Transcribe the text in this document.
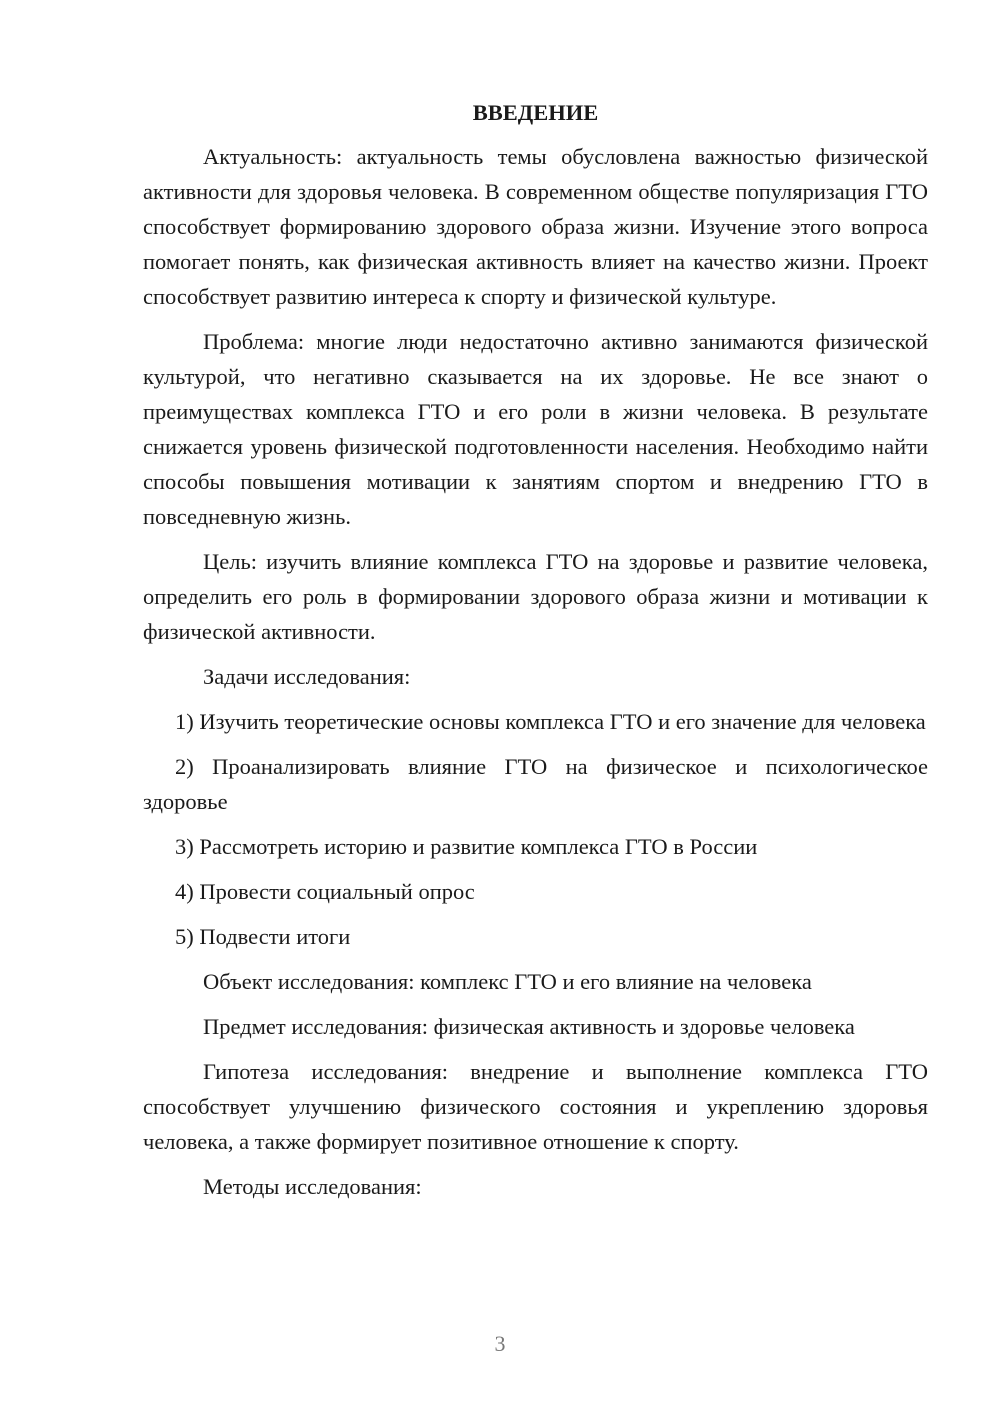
ВВЕДЕНИЕ

Актуальность: актуальность темы обусловлена важностью физической активности для здоровья человека. В современном обществе популяризация ГТО способствует формированию здорового образа жизни. Изучение этого вопроса помогает понять, как физическая активность влияет на качество жизни. Проект способствует развитию интереса к спорту и физической культуре.

Проблема: многие люди недостаточно активно занимаются физической культурой, что негативно сказывается на их здоровье. Не все знают о преимуществах комплекса ГТО и его роли в жизни человека. В результате снижается уровень физической подготовленности населения. Необходимо найти способы повышения мотивации к занятиям спортом и внедрению ГТО в повседневную жизнь.

Цель: изучить влияние комплекса ГТО на здоровье и развитие человека, определить его роль в формировании здорового образа жизни и мотивации к физической активности.

Задачи исследования:

1) Изучить теоретические основы комплекса ГТО и его значение для человека

2) Проанализировать влияние ГТО на физическое и психологическое здоровье

3) Рассмотреть историю и развитие комплекса ГТО в России

4) Провести социальный опрос

5) Подвести итоги

Объект исследования: комплекс ГТО и его влияние на человека

Предмет исследования: физическая активность и здоровье человека

Гипотеза исследования: внедрение и выполнение комплекса ГТО способствует улучшению физического состояния и укреплению здоровья человека, а также формирует позитивное отношение к спорту.

Методы исследования:

3
